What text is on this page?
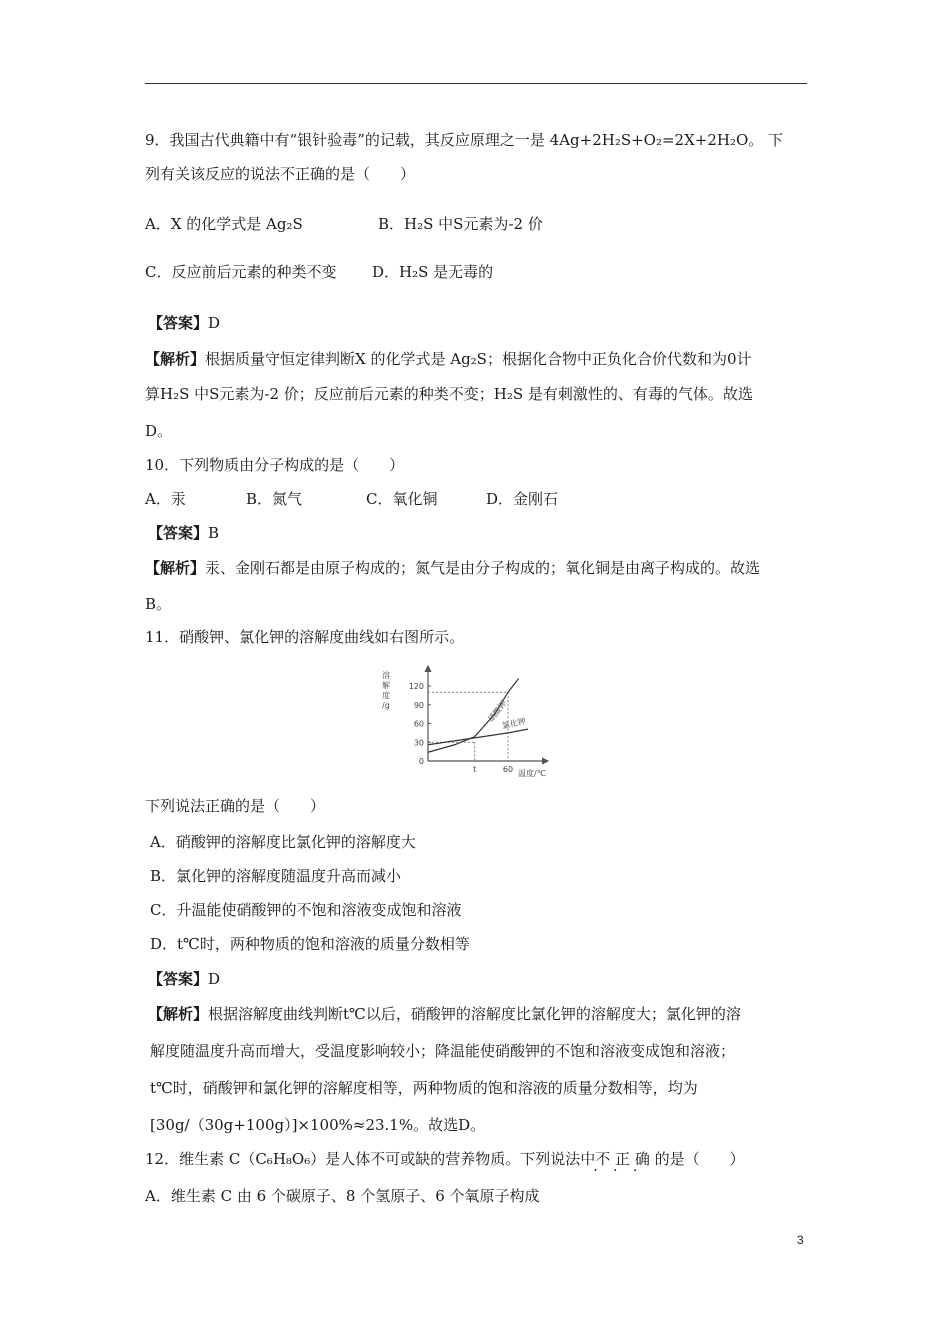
9．我国古代典籍中有“银针验毒”的记载，其反应原理之一是 4Ag+2H₂S+O₂=2X+2H₂O。 下
列有关该反应的说法不正确的是（　　）
A．X 的化学式是 Ag₂S	B．H₂S 中S元素为-2 价
C．反应前后元素的种类不变 D．H₂S 是无毒的
【答案】D
【解析】根据质量守恒定律判断X 的化学式是 Ag₂S；根据化合物中正负化合价代数和为0计
算H₂S 中S元素为-2 价；反应前后元素的种类不变；H₂S 是有刺激性的、有毒的气体。故选
D。
10．下列物质由分子构成的是（　　）
A．汞	B．氮气	C．氧化铜	D．金刚石
【答案】B
【解析】汞、金刚石都是由原子构成的；氮气是由分子构成的；氧化铜是由离子构成的。故选
B。
11．硝酸钾、氯化钾的溶解度曲线如右图所示。
0
30
60
90
120
t	60
硝酸钾
氯化钾
溶
解
度
/g
温度/℃
下列说法正确的是（　　）
A．硝酸钾的溶解度比氯化钾的溶解度大
B．氯化钾的溶解度随温度升高而减小
C．升温能使硝酸钾的不饱和溶液变成饱和溶液
D．t℃时，两种物质的饱和溶液的质量分数相等
【答案】D
【解析】根据溶解度曲线判断t℃以后，硝酸钾的溶解度比氯化钾的溶解度大；氯化钾的溶
解度随温度升高而增大，受温度影响较小；降温能使硝酸钾的不饱和溶液变成饱和溶液；
t℃时，硝酸钾和氯化钾的溶解度相等，两种物质的饱和溶液的质量分数相等，均为
[30g/（30g+100g）]×100%≈23.1%。故选D。
12．维生素 C（C₆H₈O₆）是人体不可或缺的营养物质。下列说法中不 正 确 的是（　　）
A．维生素 C 由 6 个碳原子、8 个氢原子、6 个氧原子构成
3
